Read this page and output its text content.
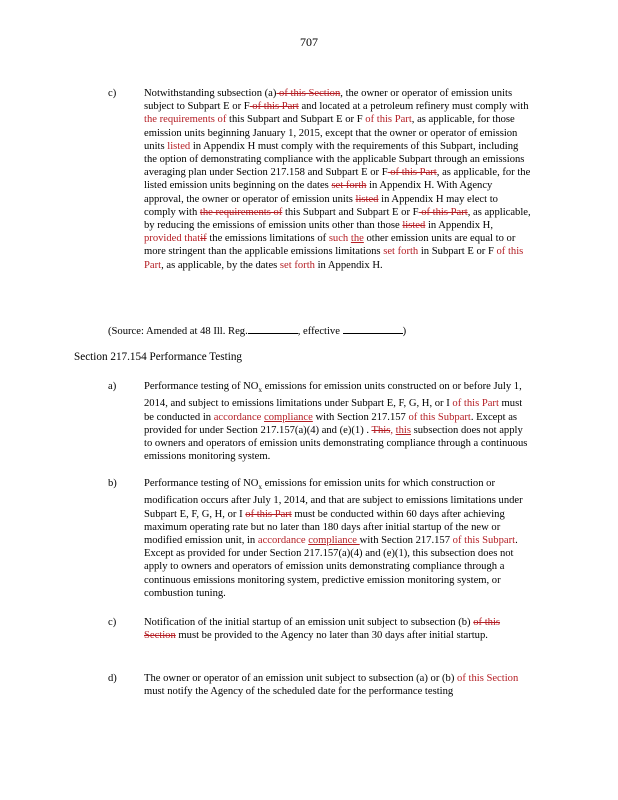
707
c)	Notwithstanding subsection (a) of this Section, the owner or operator of emission units subject to Subpart E or F of this Part and located at a petroleum refinery must comply with the requirements of this Subpart and Subpart E or F of this Part, as applicable, for those emission units beginning January 1, 2015, except that the owner or operator of emission units listed in Appendix H must comply with the requirements of this Subpart, including the option of demonstrating compliance with the applicable Subpart through an emissions averaging plan under Section 217.158 and Subpart E or F of this Part, as applicable, for the listed emission units beginning on the dates set forth in Appendix H. With Agency approval, the owner or operator of emission units listed in Appendix H may elect to comply with the requirements of this Subpart and Subpart E or F of this Part, as applicable, by reducing the emissions of emission units other than those listed in Appendix H, provided thatif the emissions limitations of such the other emission units are equal to or more stringent than the applicable emissions limitations set forth in Subpart E or F of this Part, as applicable, by the dates set forth in Appendix H.
(Source: Amended at 48 Ill. Reg.	, effective	)
Section 217.154 Performance Testing
a)	Performance testing of $NO_x$ emissions for emission units constructed on or before July 1, 2014, and subject to emissions limitations under Subpart E, F, G, H, or I of this Part must be conducted in accordance compliance with Section 217.157 of this Subpart. Except as provided for under Section 217.157(a)(4) and (e)(1) . This, this subsection does not apply to owners and operators of emission units demonstrating compliance through a continuous emissions monitoring system.
b)	Performance testing of $NO_x$ emissions for emission units for which construction or modification occurs after July 1, 2014, and that are subject to emissions limitations under Subpart E, F, G, H, or I of this Part must be conducted within 60 days after achieving maximum operating rate but no later than 180 days after initial startup of the new or modified emission unit, in accordance compliance with Section 217.157 of this Subpart. Except as provided for under Section 217.157(a)(4) and (e)(1), this subsection does not apply to owners and operators of emission units demonstrating compliance through a continuous emissions monitoring system, predictive emission monitoring system, or combustion tuning.
c)	Notification of the initial startup of an emission unit subject to subsection (b) of this Section must be provided to the Agency no later than 30 days after initial startup.
d)	The owner or operator of an emission unit subject to subsection (a) or (b) of this Section must notify the Agency of the scheduled date for the performance testing
